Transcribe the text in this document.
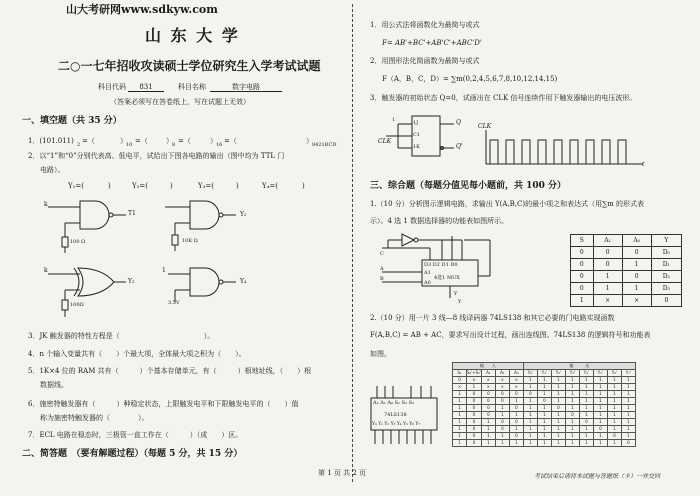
山大考研网www.sdkyw.com
山 东 大 学
二○一七年招收攻读硕士学位研究生入学考试试题
科目代码	831	科目名称	数字电路
（答案必须写在答卷纸上，写在试题上无效）
一、填空题（共 35 分）
1．(101.011) 2 =（	） 10 =（	） 8 =（	） 16 =（	） 8421BCD
2．以“1”和“0”分别代表高、低电平，试给出下图各电路的输出（图中均为 TTL 门
电路）。
Y₁=(	)	Y₂=(	)	Y₃=(	)	Y₄=(	)
k
100 Ω
T1
10K Ω
Y₂
k
100Ω
Y₃
1
3.5V
Y₄
3．JK 触发器的特性方程是（　　　　　　　　　　　　）。
4．n 个输入变量共有（　　）个最大项，全体最大项之积为（　　）。
5．1K×4 位的 RAM 共有（　　　）个基本存储单元，有（　　　）根地址线，（　　）根
数据线。
6．施密特触发器有（　　　）种稳定状态，上限触发电平和下限触发电平的（　　）值
称为施密特触发器的（　　　　）。
7．ECL 电路在稳态时，三极管一直工作在（　　　）（成　　）区。
二、简答题　（要有解题过程）（每题 5 分，共 15 分）
第 1 页 共 2 页
1．用公式法将函数化为最简与或式
F= AB'+BC'+AB'C'+ABC'D'
2．用图形法化简函数为最简与或式
F（A，B，C，D）= ∑m(0,2,4,5,6,7,8,10,12,14,15)
3．触发器的初始状态 Q=0，试画出在 CLK 信号连续作用下触发器输出的电压波形。
1J
C1
1K
CLK
Q
Q'
1
CLK
t
三、综合题（每题分值见每小题前，共 100 分）
1.（10 分）分析图示逻辑电路，求输出 Y(A,B,C)的最小项之和表达式（用∑m 的形式表
示）。4 选 1 数据选择器的功能表如图所示。
D3 D2 D1 D0
4选1 MUX
A1
A0
Y
Y
C
A
B
S	A₁	A₀	Y
0	0	0	D₀
0	0	1	D₁
0	1	0	D₂
0	1	1	D₃
1	×	×	0
2.（10 分）用一片 3 线—8 线译码器 74LS138 和其它必要的门电路实现函数
F(A,B,C) = AB + AC，要求写出设计过程，画出连线图。74LS138 的逻辑符号和功能表
如图。
A₂ A₁ A₀ S₁ S₂ S₃
74LS138
Y₀ Y₁ Y₂ Y₃ Y₄ Y₅ Y₆ Y₇
输　　入					输　　　出							
S₁	S₂'+S₃'	A₂	A₁	A₀	Y₀'	Y₁'	Y₂'	Y₃'	Y₄'	Y₅'	Y₆'	Y₇'
0	×	×	×	×	1	1	1	1	1	1	1	1
×	1	×	×	×	1	1	1	1	1	1	1	1
1	0	0	0	0	0	1	1	1	1	1	1	1
1	0	0	0	1	1	0	1	1	1	1	1	1
1	0	0	1	0	1	1	0	1	1	1	1	1
1	0	0	1	1	1	1	1	0	1	1	1	1
1	0	1	0	0	1	1	1	1	0	1	1	1
1	0	1	0	1	1	1	1	1	1	0	1	1
1	0	1	1	0	1	1	1	1	1	1	0	1
1	0	1	1	1	1	1	1	1	1	1	1	0
考试结束后请将本试题与答题纸（卡）一并交回
